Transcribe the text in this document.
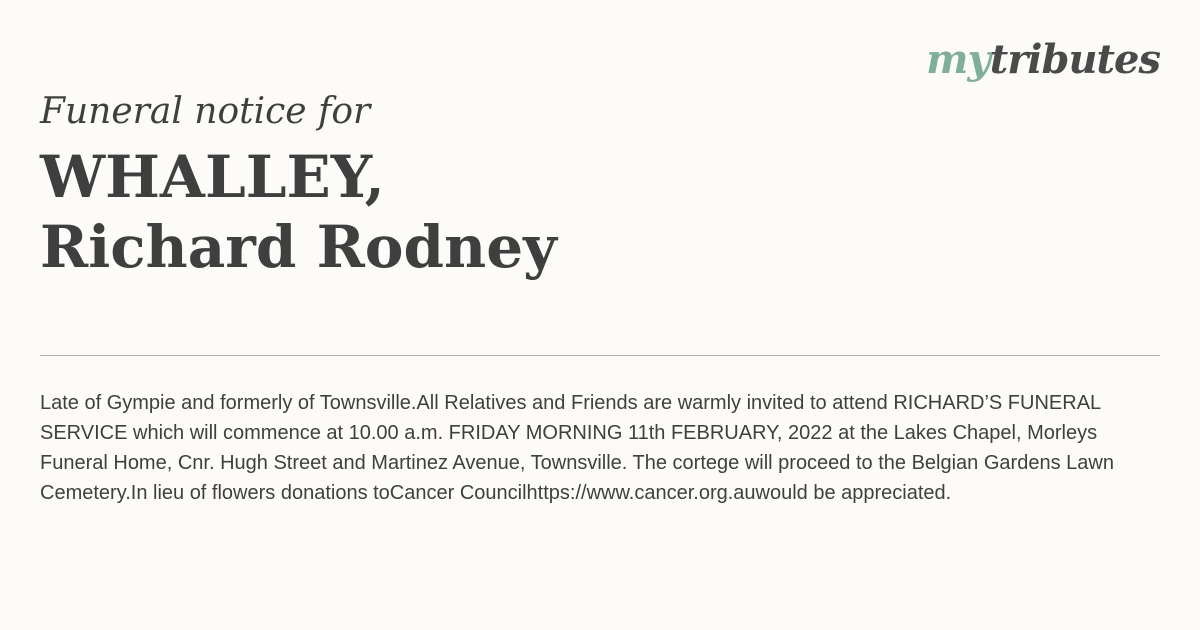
mytributes
Funeral notice for
WHALLEY,
Richard Rodney
Late of Gympie and formerly of Townsville.All Relatives and Friends are warmly invited to attend RICHARD’S FUNERAL SERVICE which will commence at 10.00 a.m. FRIDAY MORNING 11th FEBRUARY, 2022 at the Lakes Chapel, Morleys Funeral Home, Cnr. Hugh Street and Martinez Avenue, Townsville. The cortege will proceed to the Belgian Gardens Lawn Cemetery.In lieu of flowers donations toCancer Councilhttps://www.cancer.org.auwould be appreciated.
